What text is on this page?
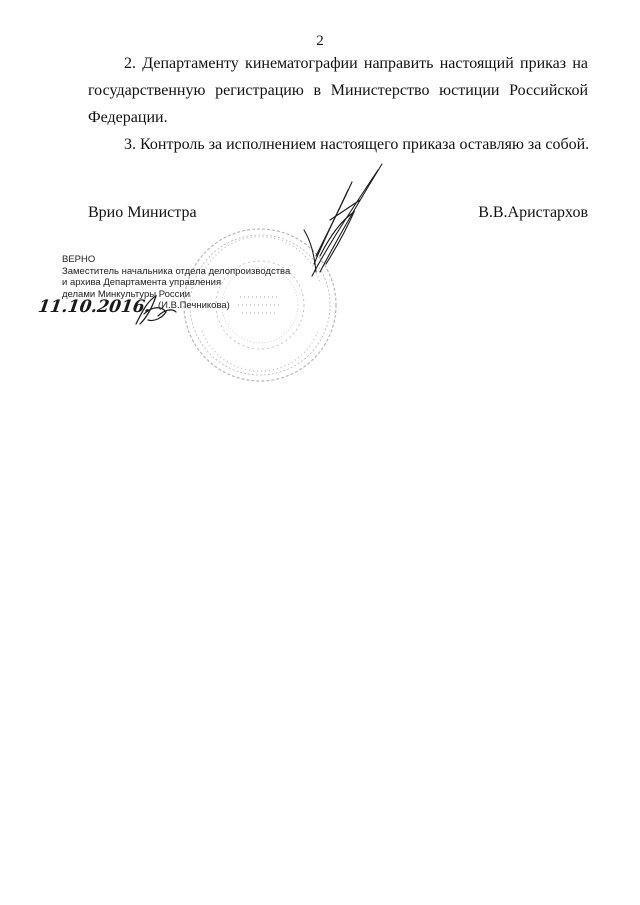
2

2. Департаменту кинематографии направить настоящий приказ на государственную регистрацию в Министерство юстиции Российской Федерации.

3. Контроль за исполнением настоящего приказа оставляю за собой.

Врио Министра	В.В.Аристархов
ВЕРНО
Заместитель начальника отдела делопроизводства
и архива Департамента управления
делами Минкультуры России
(И.В.Печникова)
11.10.2016.
